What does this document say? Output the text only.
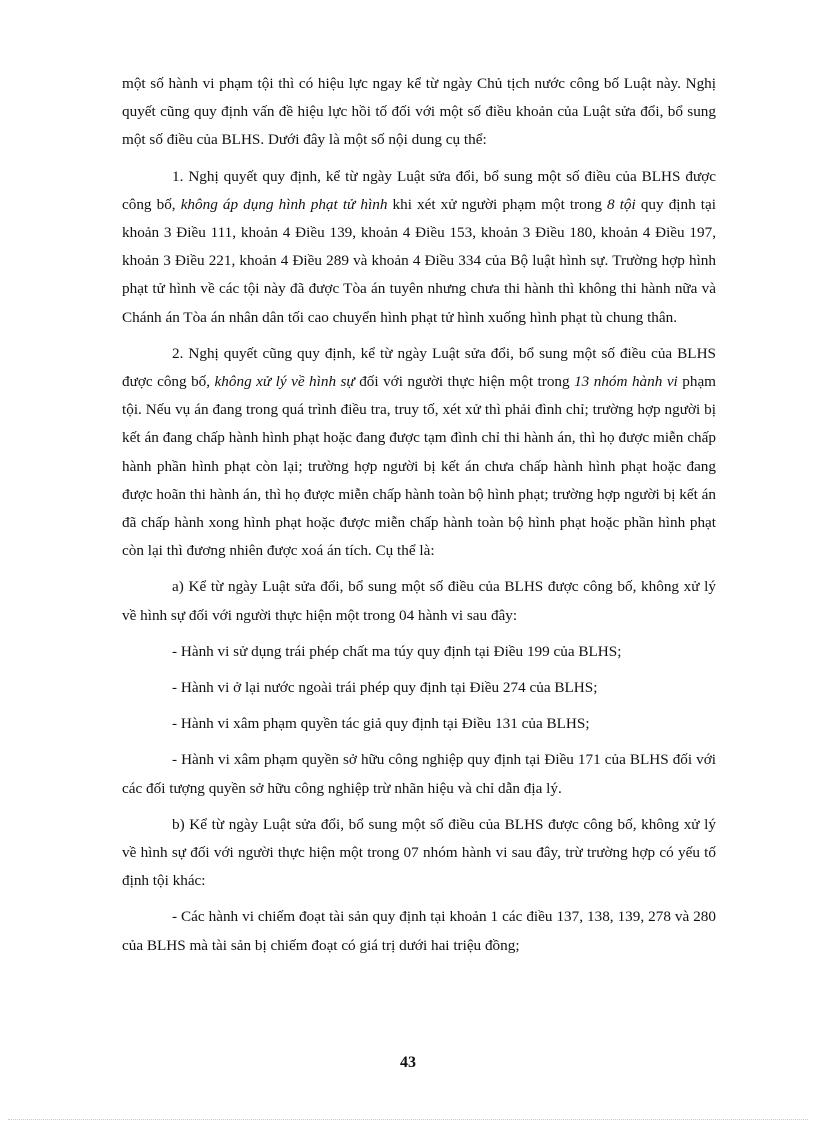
một số hành vi phạm tội thì có hiệu lực ngay kể từ ngày Chủ tịch nước công bố Luật này. Nghị quyết cũng quy định vấn đề hiệu lực hồi tố đối với một số điều khoản của Luật sửa đổi, bổ sung một số điều của BLHS. Dưới đây là một số nội dung cụ thể:

1. Nghị quyết quy định, kể từ ngày Luật sửa đổi, bổ sung một số điều của BLHS được công bố, không áp dụng hình phạt tử hình khi xét xử người phạm một trong 8 tội quy định tại khoản 3 Điều 111, khoản 4 Điều 139, khoản 4 Điều 153, khoản 3 Điều 180, khoản 4 Điều 197, khoản 3 Điều 221, khoản 4 Điều 289 và khoản 4 Điều 334 của Bộ luật hình sự. Trường hợp hình phạt tử hình về các tội này đã được Tòa án tuyên nhưng chưa thi hành thì không thi hành nữa và Chánh án Tòa án nhân dân tối cao chuyển hình phạt tử hình xuống hình phạt tù chung thân.

2. Nghị quyết cũng quy định, kể từ ngày Luật sửa đổi, bổ sung một số điều của BLHS được công bố, không xử lý về hình sự đối với người thực hiện một trong 13 nhóm hành vi phạm tội. Nếu vụ án đang trong quá trình điều tra, truy tố, xét xử thì phải đình chỉ; trường hợp người bị kết án đang chấp hành hình phạt hoặc đang được tạm đình chỉ thi hành án, thì họ được miễn chấp hành phần hình phạt còn lại; trường hợp người bị kết án chưa chấp hành hình phạt hoặc đang được hoãn thi hành án, thì họ được miễn chấp hành toàn bộ hình phạt; trường hợp người bị kết án đã chấp hành xong hình phạt hoặc được miễn chấp hành toàn bộ hình phạt hoặc phần hình phạt còn lại thì đương nhiên được xoá án tích. Cụ thể là:

a) Kể từ ngày Luật sửa đổi, bổ sung một số điều của BLHS được công bố, không xử lý về hình sự đối với người thực hiện một trong 04 hành vi sau đây:

- Hành vi sử dụng trái phép chất ma túy quy định tại Điều 199 của BLHS;

- Hành vi ở lại nước ngoài trái phép quy định tại Điều 274 của BLHS;

- Hành vi xâm phạm quyền tác giả quy định tại Điều 131 của BLHS;

- Hành vi xâm phạm quyền sở hữu công nghiệp quy định tại Điều 171 của BLHS đối với các đối tượng quyền sở hữu công nghiệp trừ nhãn hiệu và chỉ dẫn địa lý.

b) Kể từ ngày Luật sửa đổi, bổ sung một số điều của BLHS được công bố, không xử lý về hình sự đối với người thực hiện một trong 07 nhóm hành vi sau đây, trừ trường hợp có yếu tố định tội khác:

- Các hành vi chiếm đoạt tài sản quy định tại khoản 1 các điều 137, 138, 139, 278 và 280 của BLHS mà tài sản bị chiếm đoạt có giá trị dưới hai triệu đồng;

43
